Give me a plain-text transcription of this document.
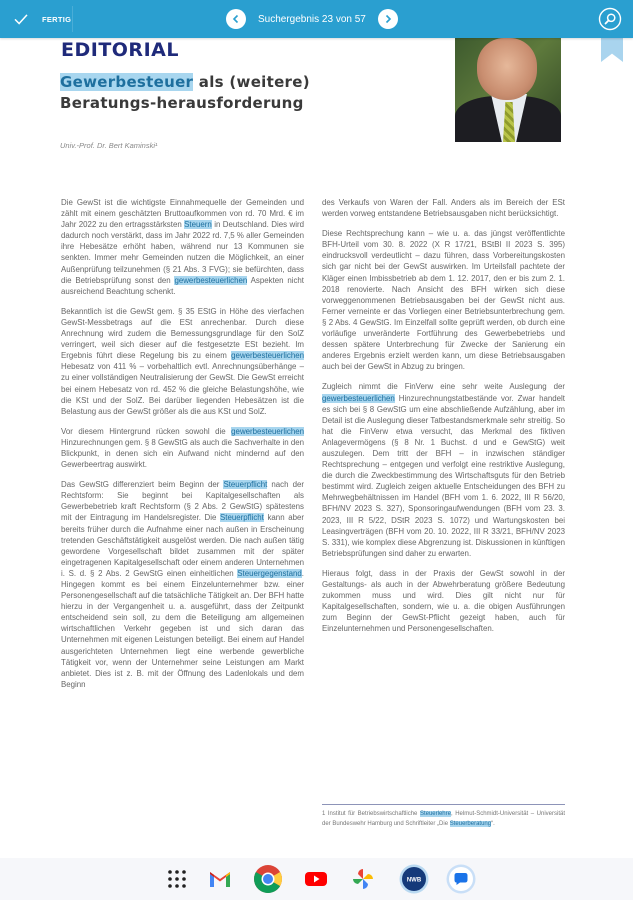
EDITORIAL
Gewerbesteuer als (weitere) Beratungs-herausforderung
Univ.-Prof. Dr. Bert Kaminski¹

Die GewSt ist die wichtigste Einnahmequelle der Gemeinden und zählt mit einem geschätzten Bruttoaufkommen von rd. 70 Mrd. € im Jahr 2022 zu den ertragsstärksten Steuern in Deutschland. Dies wird dadurch noch verstärkt, dass im Jahr 2022 rd. 7,5 % aller Gemeinden ihre Hebesätze erhöht haben, während nur 13 Kommunen sie senkten. Immer mehr Gemeinden nutzen die Möglichkeit, an einer Außenprüfung teilzunehmen (§ 21 Abs. 3 FVG); sie befürchten, dass die Betriebsprüfung sonst den gewerbesteuerlichen Aspekten nicht ausreichend Beachtung schenkt.

Bekanntlich ist die GewSt gem. § 35 EStG in Höhe des vierfachen GewSt-Messbetrags auf die ESt anrechenbar. Durch diese Anrechnung wird zudem die Bemessungsgrundlage für den SolZ verringert, weil sich dieser auf die festgesetzte ESt bezieht. Im Ergebnis führt diese Regelung bis zu einem gewerbesteuerlichen Hebesatz von 411 % – vorbehaltlich evtl. Anrechnungsüberhänge – zu einer vollständigen Neutralisierung der GewSt. Die GewSt erreicht bei einem Hebesatz von rd. 452 % die gleiche Belastungshöhe, wie die KSt und der SolZ. Bei darüber liegenden Hebesätzen ist die Belastung aus der GewSt größer als die aus KSt und SolZ.

Vor diesem Hintergrund rücken sowohl die gewerbesteuerlichen Hinzurechnungen gem. § 8 GewStG als auch die Sachverhalte in den Blickpunkt, in denen sich ein Aufwand nicht mindernd auf den Gewerbeertrag auswirkt.

Das GewStG differenziert beim Beginn der Steuerpflicht nach der Rechtsform: Sie beginnt bei Kapitalgesellschaften als Gewerbebetrieb kraft Rechtsform (§ 2 Abs. 2 GewStG) spätestens mit der Eintragung im Handelsregister. Die Steuerpflicht kann aber bereits früher durch die Aufnahme einer nach außen in Erscheinung tretenden Geschäftstätigkeit ausgelöst werden. Die nach außen tätig gewordene Vorgesellschaft bildet zusammen mit der später eingetragenen Kapitalgesellschaft oder einem anderen Unternehmen i. S. d. § 2 Abs. 2 GewStG einen einheitlichen Steuergegenstand. Hingegen kommt es bei einem Einzelunternehmer bzw. einer Personengesellschaft auf die tatsächliche Tätigkeit an. Der BFH hatte hierzu in der Vergangenheit u. a. ausgeführt, dass der Zeitpunkt entscheidend sein soll, zu dem die Beteiligung am allgemeinen wirtschaftlichen Verkehr gegeben ist und sich daran das Unternehmen mit eigenen Leistungen beteiligt. Bei einem auf Handel ausgerichteten Unternehmen liegt eine werbende gewerbliche Tätigkeit vor, wenn der Unternehmer seine Leistungen am Markt anbietet. Dies ist z. B. mit der Öffnung des Ladenlokals und dem Beginn

des Verkaufs von Waren der Fall. Anders als im Bereich der ESt werden vorweg entstandene Betriebsausgaben nicht berücksichtigt.

Diese Rechtsprechung kann – wie u. a. das jüngst veröffentlichte BFH-Urteil vom 30. 8. 2022 (X R 17/21, BStBl II 2023 S. 395) eindrucksvoll verdeutlicht – dazu führen, dass Vorbereitungskosten sich gar nicht bei der GewSt auswirken. Im Urteilsfall pachtete der Kläger einen Imbissbetrieb ab dem 1. 12. 2017, den er bis zum 2. 1. 2018 renovierte. Nach Ansicht des BFH wirken sich diese vorweggenommenen Betriebsausgaben bei der GewSt nicht aus. Ferner verneinte er das Vorliegen einer Betriebsunterbrechung gem. § 2 Abs. 4 GewStG. Im Einzelfall sollte geprüft werden, ob durch eine vorläufige unveränderte Fortführung des Gewerbebetriebs und dessen spätere Unterbrechung für Zwecke der Sanierung ein anderes Ergebnis erzielt werden kann, um diese Betriebsausgaben auch bei der GewSt in Abzug zu bringen.

Zugleich nimmt die FinVerw eine sehr weite Auslegung der gewerbesteuerlichen Hinzurechnungstatbestände vor. Zwar handelt es sich bei § 8 GewStG um eine abschließende Aufzählung, aber im Detail ist die Auslegung dieser Tatbestandsmerkmale sehr streitig. So hat die FinVerw etwa versucht, das Merkmal des fiktiven Anlagevermögens (§ 8 Nr. 1 Buchst. d und e GewStG) weit auszulegen. Dem tritt der BFH – in inzwischen ständiger Rechtsprechung – entgegen und verfolgt eine restriktive Auslegung, die durch die Zweckbestimmung des Wirtschaftsguts für den Betrieb bestimmt wird. Zugleich zeigen aktuelle Entscheidungen des BFH zu Mehrwegbehältnissen im Handel (BFH vom 1. 6. 2022, III R 56/20, BFH/NV 2023 S. 327), Sponsoringaufwendungen (BFH vom 23. 3. 2023, III R 5/22, DStR 2023 S. 1072) und Wartungskosten bei Leasingverträgen (BFH vom 20. 10. 2022, III R 33/21, BFH/NV 2023 S. 331), wie komplex diese Abgrenzung ist. Diskussionen in künftigen Betriebsprüfungen sind daher zu erwarten.

Hieraus folgt, dass in der Praxis der GewSt sowohl in der Gestaltungs- als auch in der Abwehrberatung größere Bedeutung zukommen muss und wird. Dies gilt nicht nur für Kapitalgesellschaften, sondern, wie u. a. die obigen Ausführungen zum Beginn der GewSt-Pflicht gezeigt haben, auch für Einzelunternehmen und Personengesellschaften.

1 Institut für Betriebswirtschaftliche Steuerlehre, Helmut-Schmidt-Universität – Universität der Bundeswehr Hamburg und Schriftleiter „Die Steuerberatung“.
FERTIG	Suchergebnis 23 von 57
NWB
